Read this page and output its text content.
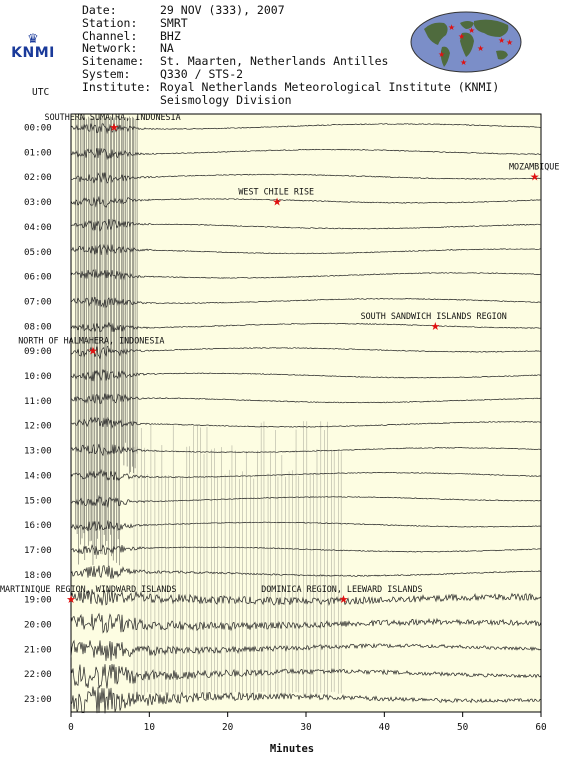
Date:	29 NOV (333), 2007
Station:	SMRT
Channel:	BHZ
Network:	NA
Sitename:	St. Maarten, Netherlands Antilles
System:	Q330 / STS-2
Institute: Royal Netherlands Meteorological Institute (KNMI)
Seismology Division
♛
KNMI
UTC
★
★
★
★ ★
★
★
★
00:00
01:00
02:00
03:00
04:00
05:00
06:00
07:00
08:00
09:00
10:00
11:00
12:00
13:00
14:00
15:00
16:00
17:00
18:00
19:00
20:00
21:00
22:00
23:00
0	10	20	30	40	50	60
Minutes
★
SOUTHERN SUMATRA, INDONESIA
★
MOZAMBIQUE
★
WEST CHILE RISE
★
SOUTH SANDWICH ISLANDS REGION
★
NORTH OF HALMAHERA, INDONESIA
★
MARTINIQUE REGION, WINDWARD ISLANDS
★
DOMINICA REGION, LEEWARD ISLANDS
